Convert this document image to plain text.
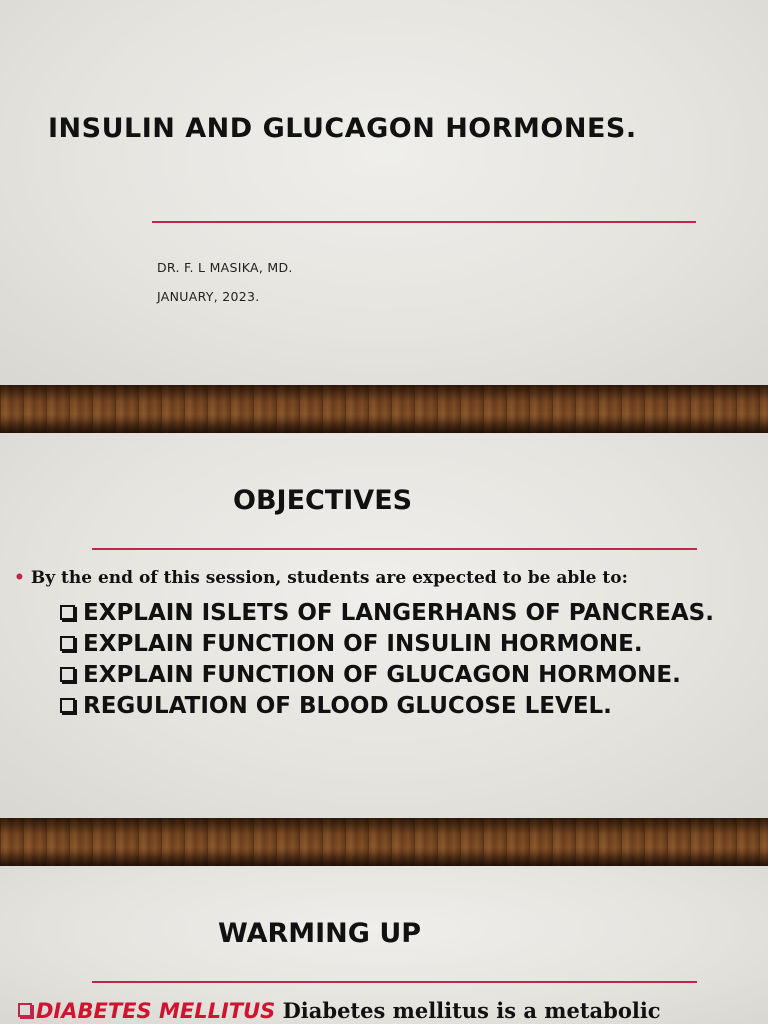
INSULIN AND GLUCAGON HORMONES.
DR. F. L MASIKA, MD.
JANUARY, 2023.
OBJECTIVES
• By the end of this session, students are expected to be able to:
EXPLAIN ISLETS OF LANGERHANS OF PANCREAS.
EXPLAIN FUNCTION OF INSULIN HORMONE.
EXPLAIN FUNCTION OF GLUCAGON HORMONE.
REGULATION OF BLOOD GLUCOSE LEVEL.
WARMING UP
DIABETES MELLITUS Diabetes mellitus is a metabolic
